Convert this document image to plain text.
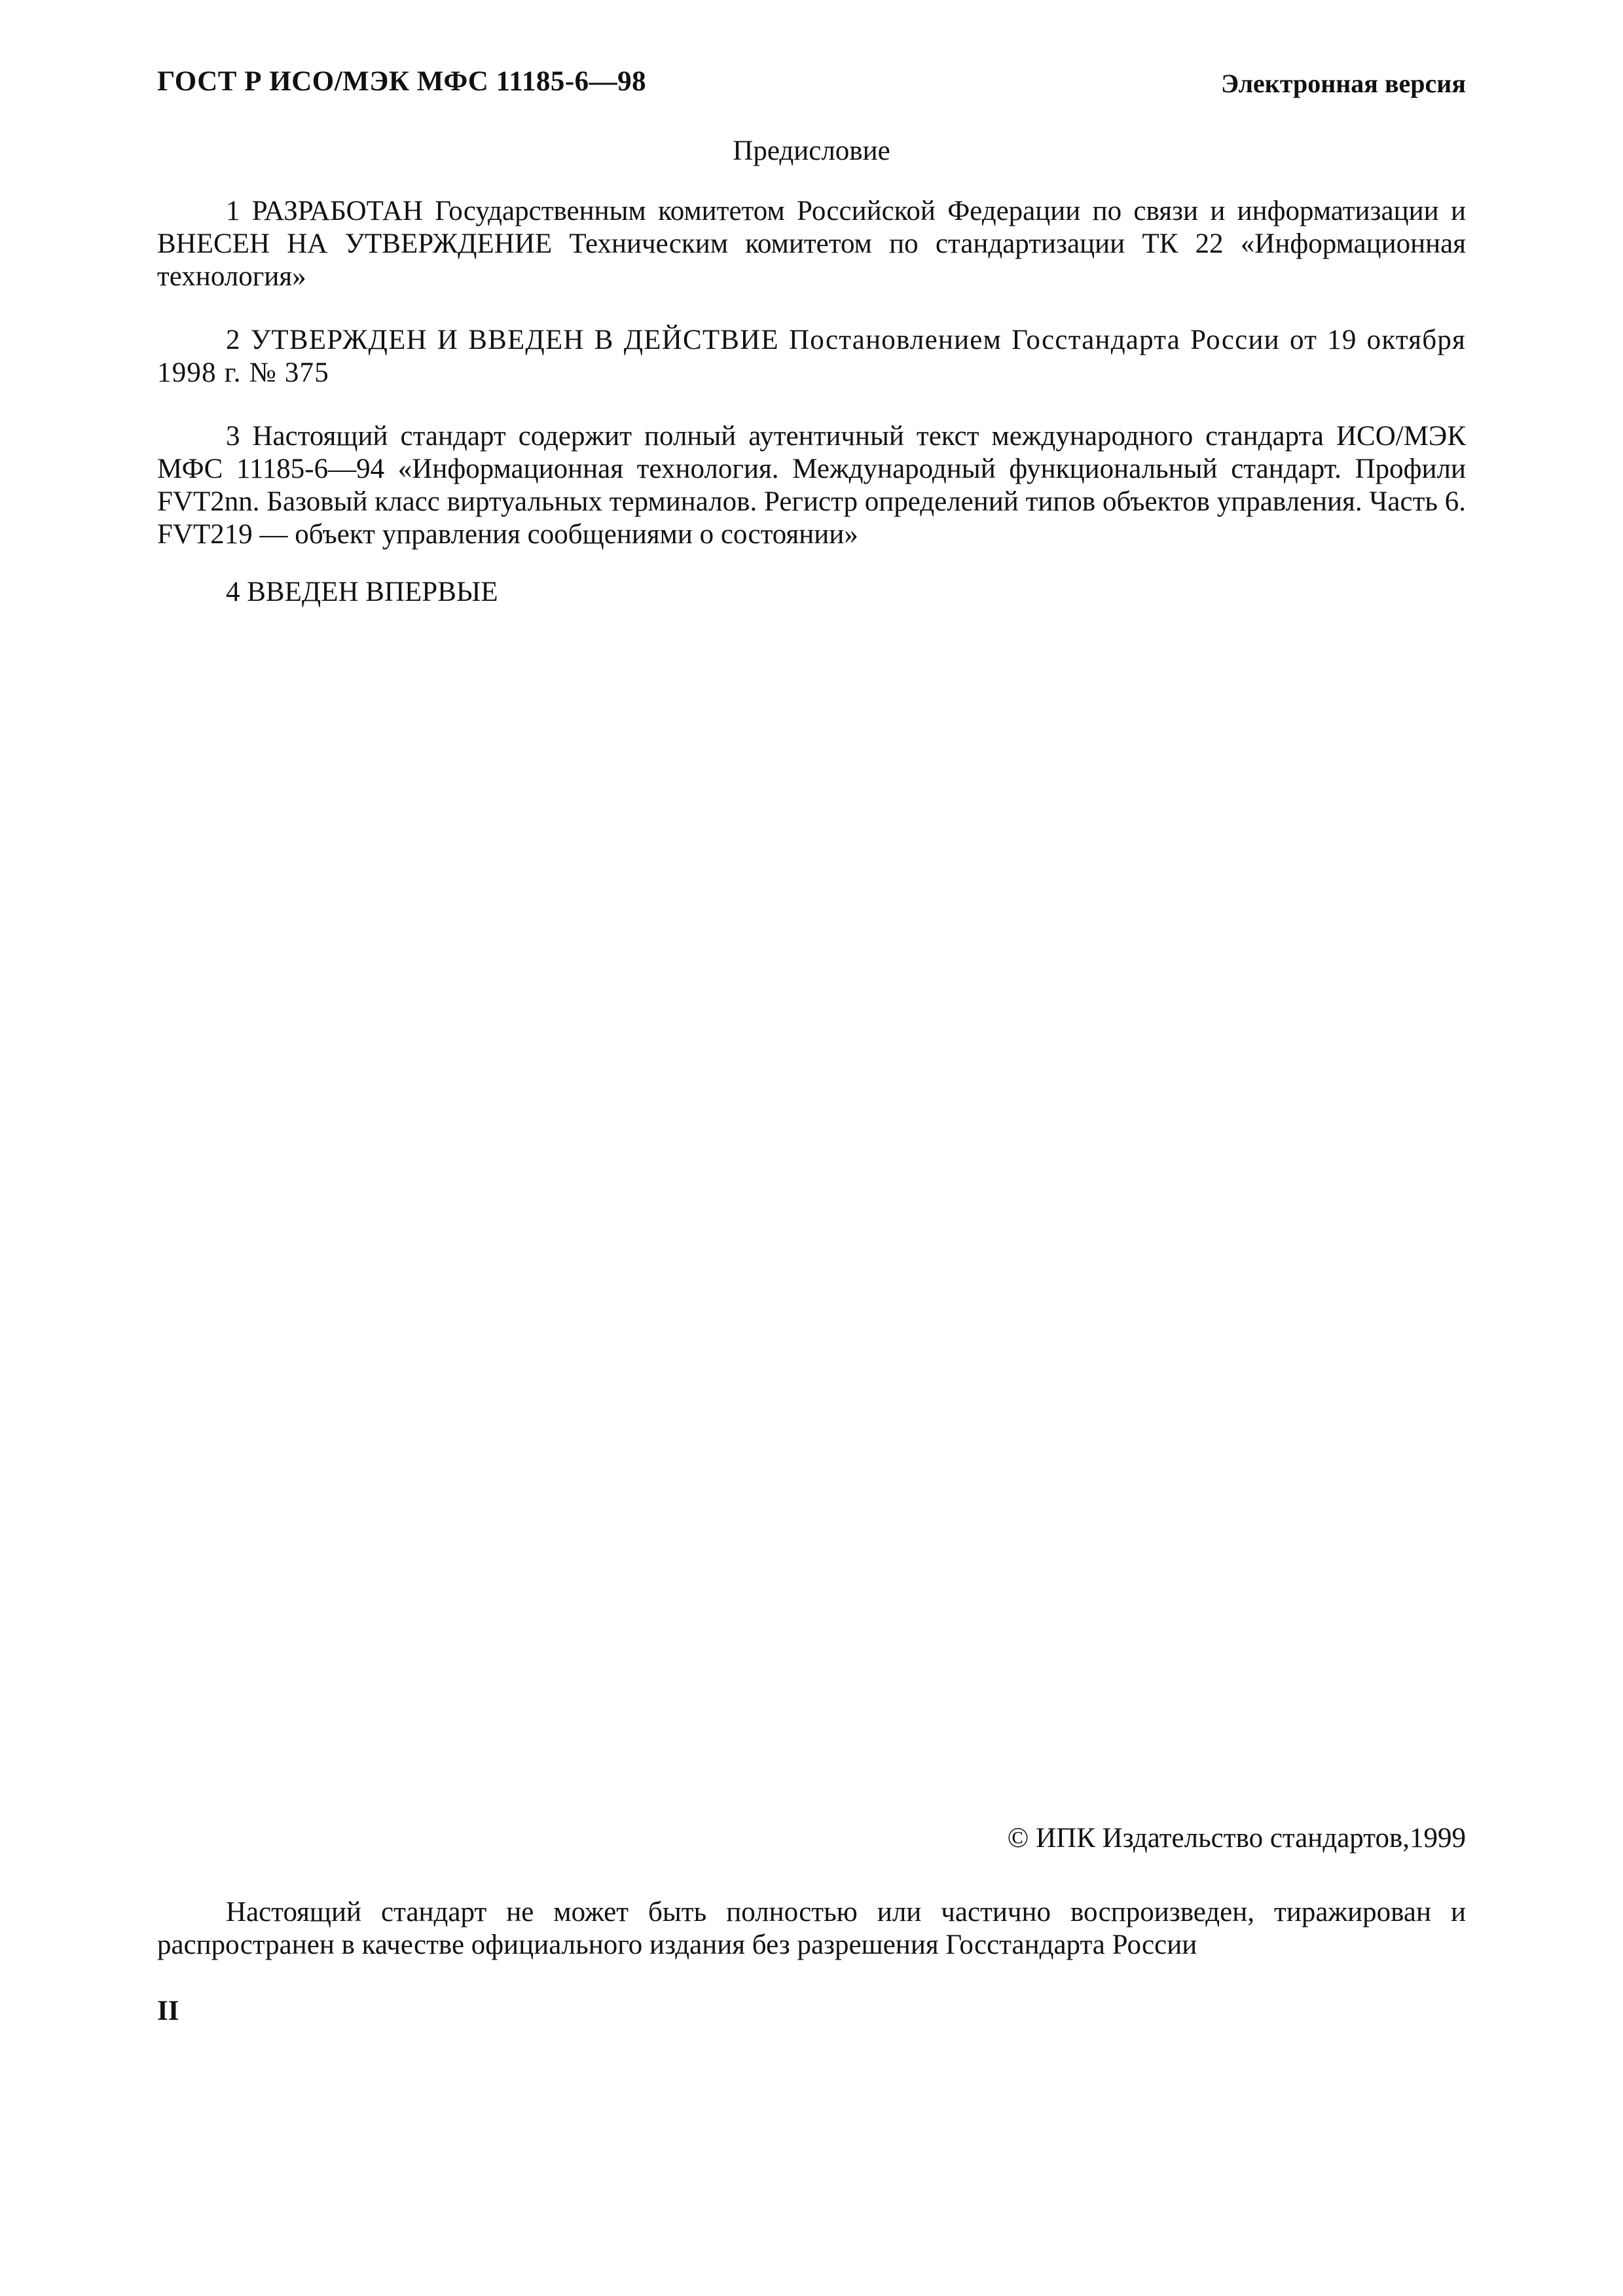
ГОСТ Р ИСО/МЭК МФС 11185-6—98	Электронная версия
Предисловие
1 РАЗРАБОТАН Государственным комитетом Российской Федерации по связи и информатизации и ВНЕСЕН НА УТВЕРЖДЕНИЕ Техническим комитетом по стандартизации ТК 22 «Информационная технология»
2 УТВЕРЖДЕН И ВВЕДЕН В ДЕЙСТВИЕ Постановлением Госстандарта России от 19 октября 1998 г. № 375
3 Настоящий стандарт содержит полный аутентичный текст международного стандарта ИСО/МЭК МФС 11185-6—94 «Информационная технология. Международный функциональный стандарт. Профили FVT2nn. Базовый класс виртуальных терминалов. Регистр определений типов объектов управления. Часть 6. FVT219 — объект управления сообщениями о состоянии»
4 ВВЕДЕН ВПЕРВЫЕ
© ИПК Издательство стандартов,1999
Настоящий стандарт не может быть полностью или частично воспроизведен, тиражирован и распространен в качестве официального издания без разрешения Госстандарта России
II
